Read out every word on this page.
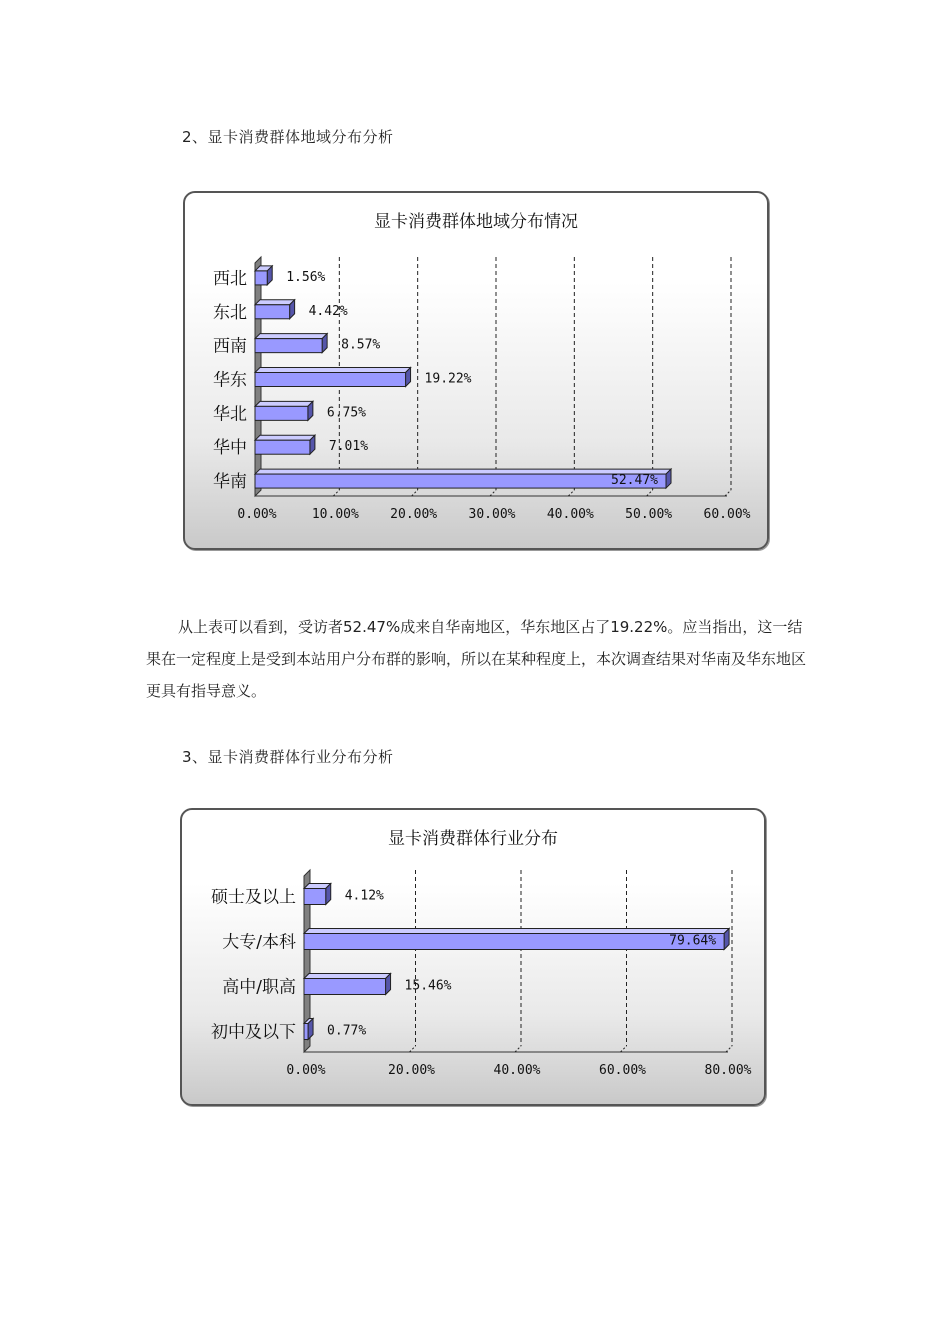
2、显卡消费群体地域分布分析
显卡消费群体地域分布情况
0.00%	10.00% 20.00% 30.00% 40.00% 50.00% 60.00%
西北	1.56%
东北	4.42%
西南	8.57%
华东	19.22%
华北	6.75%
华中	7.01%
华南	52.47%
从上表可以看到，受访者52.47%成来自华南地区，华东地区占了19.22%。应当指出，这一结果在一定程度上是受到本站用户分布群的影响，所以在某种程度上，本次调查结果对华南及华东地区更具有指导意义。
3、显卡消费群体行业分布分析
显卡消费群体行业分布
0.00%	20.00%	40.00%	60.00%	80.00%
硕士及以上	4.12%
大专/本科	79.64%
高中/职高	15.46%
初中及以下 0.77%
